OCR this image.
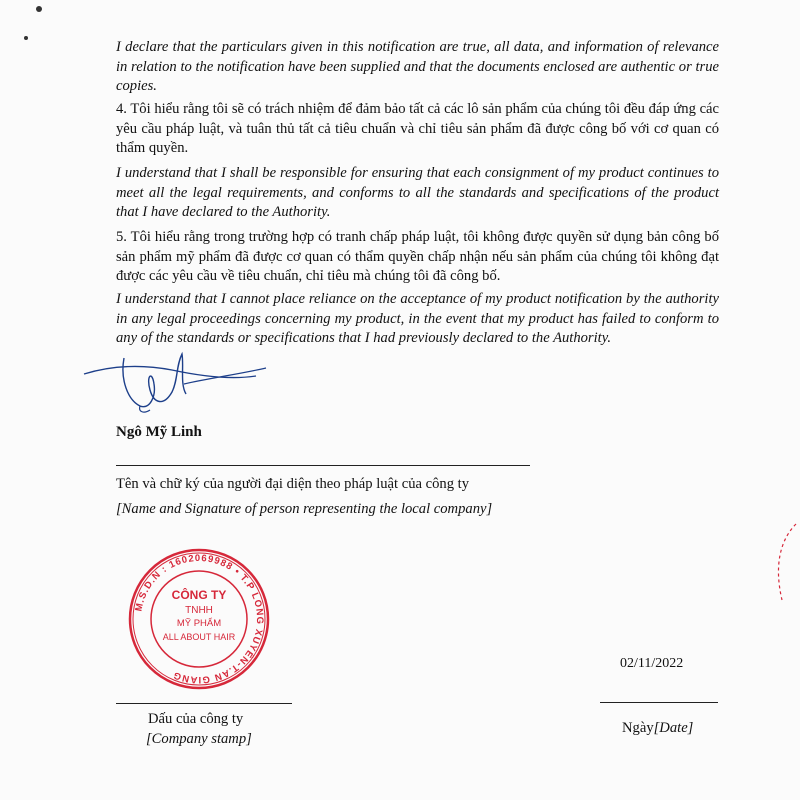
I declare that the particulars given in this notification are true, all data, and information of relevance in relation to the notification have been supplied and that the documents enclosed are authentic or true copies.

4. Tôi hiểu rằng tôi sẽ có trách nhiệm để đảm bảo tất cả các lô sản phẩm của chúng tôi đều đáp ứng các yêu cầu pháp luật, và tuân thủ tất cả tiêu chuẩn và chỉ tiêu sản phẩm đã được công bố với cơ quan có thẩm quyền.

I understand that I shall be responsible for ensuring that each consignment of my product continues to meet all the legal requirements, and conforms to all the standards and specifications of the product that I have declared to the Authority.

5. Tôi hiểu rằng trong trường hợp có tranh chấp pháp luật, tôi không được quyền sử dụng bản công bố sản phẩm mỹ phẩm đã được cơ quan có thẩm quyền chấp nhận nếu sản phẩm của chúng tôi không đạt được các yêu cầu về tiêu chuẩn, chỉ tiêu mà chúng tôi đã công bố.

I understand that I cannot place reliance on the acceptance of my product notification by the authority in any legal proceedings concerning my product, in the event that my product has failed to conform to any of the standards or specifications that I had previously declared to the Authority.

Ngô Mỹ Linh
Tên và chữ ký của người đại diện theo pháp luật của công ty
[Name and Signature of person representing the local company]
M.S.D.N : 1602069988 • T.P LONG XUYÊN-T.AN GIANG
CÔNG TY
TNHH
MỸ PHẨM
ALL ABOUT HAIR
Dấu của công ty
[Company stamp]
02/11/2022
Ngày[Date]
